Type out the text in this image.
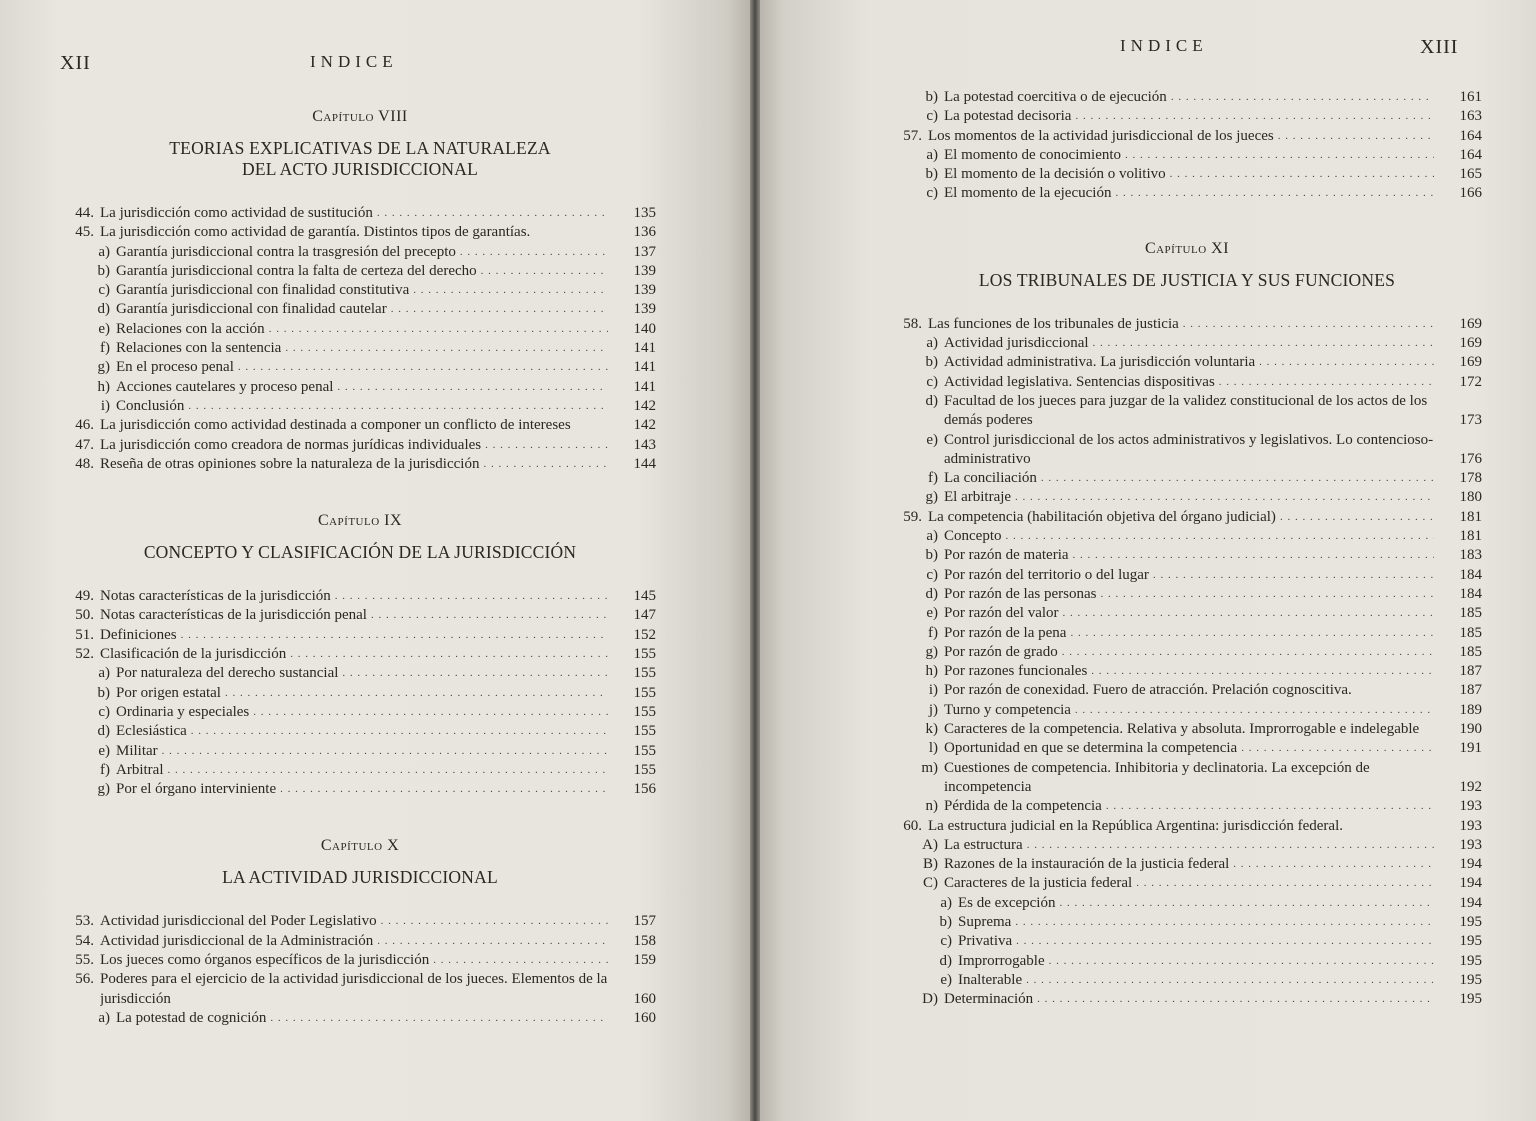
XII	INDICE

Capítulo VIII

TEORIAS EXPLICATIVAS DE LA NATURALEZA
DEL ACTO JURISDICCIONAL
44. La jurisdicción como actividad de sustitución . . .	135
45. La jurisdicción como actividad de garantía. Distintos tipos de garantías.	136
a) Garantía jurisdiccional contra la trasgresión del precepto . . .	137
b) Garantía jurisdiccional contra la falta de certeza del derecho . . .	139
c) Garantía jurisdiccional con finalidad constitutiva . . .	139
d) Garantía jurisdiccional con finalidad cautelar . . .	139
e) Relaciones con la acción . . .	140
f) Relaciones con la sentencia . . .	141
g) En el proceso penal . . .	141
h) Acciones cautelares y proceso penal . . .	141
i) Conclusión . . .	142
46. La jurisdicción como actividad destinada a componer un conflicto de intereses	142
47. La jurisdicción como creadora de normas jurídicas individuales . . .	143
48. Reseña de otras opiniones sobre la naturaleza de la jurisdicción . . .	144

Capítulo IX

CONCEPTO Y CLASIFICACIÓN DE LA JURISDICCIÓN
49. Notas características de la jurisdicción . . .	145
50. Notas características de la jurisdicción penal . . .	147
51. Definiciones . . .	152
52. Clasificación de la jurisdicción . . .	155
a) Por naturaleza del derecho sustancial . . .	155
b) Por origen estatal . . .	155
c) Ordinaria y especiales . . .	155
d) Eclesiástica . . .	155
e) Militar . . .	155
f) Arbitral . . .	155
g) Por el órgano interviniente . . .	156

Capítulo X

LA ACTIVIDAD JURISDICCIONAL
53. Actividad jurisdiccional del Poder Legislativo . . .	157
54. Actividad jurisdiccional de la Administración . . .	158
55. Los jueces como órganos específicos de la jurisdicción . . .	159
56. Poderes para el ejercicio de la actividad jurisdiccional de los jueces. Elementos de la jurisdicción	160
a) La potestad de cognición . . .	160
INDICE	XIII
b) La potestad coercitiva o de ejecución . . .	161
c) La potestad decisoria . . .	163
57. Los momentos de la actividad jurisdiccional de los jueces . . .	164
a) El momento de conocimiento . . .	164
b) El momento de la decisión o volitivo . . .	165
c) El momento de la ejecución . . .	166

Capítulo XI

LOS TRIBUNALES DE JUSTICIA Y SUS FUNCIONES
58. Las funciones de los tribunales de justicia . . .	169
a) Actividad jurisdiccional . . .	169
b) Actividad administrativa. La jurisdicción voluntaria . . .	169
c) Actividad legislativa. Sentencias dispositivas . . .	172
d) Facultad de los jueces para juzgar de la validez constitucional de los actos de los demás poderes	173
e) Control jurisdiccional de los actos administrativos y legislativos. Lo contencioso-administrativo	176
f) La conciliación . . .	178
g) El arbitraje . . .	180
59. La competencia (habilitación objetiva del órgano judicial) . . .	181
a) Concepto . . .	181
b) Por razón de materia . . .	183
c) Por razón del territorio o del lugar . . .	184
d) Por razón de las personas . . .	184
e) Por razón del valor . . .	185
f) Por razón de la pena . . .	185
g) Por razón de grado . . .	185
h) Por razones funcionales . . .	187
i) Por razón de conexidad. Fuero de atracción. Prelación cognoscitiva.	187
j) Turno y competencia . . .	189
k) Caracteres de la competencia. Relativa y absoluta. Improrrogable e indelegable	190
l) Oportunidad en que se determina la competencia . . .	191
m) Cuestiones de competencia. Inhibitoria y declinatoria. La excepción de incompetencia	192
n) Pérdida de la competencia . . .	193
60. La estructura judicial en la República Argentina: jurisdicción federal.	193
A) La estructura . . .	193
B) Razones de la instauración de la justicia federal . . .	194
C) Caracteres de la justicia federal . . .	194
a) Es de excepción . . .	194
b) Suprema . . .	195
c) Privativa . . .	195
d) Improrrogable . . .	195
e) Inalterable . . .	195
D) Determinación . . .	195
